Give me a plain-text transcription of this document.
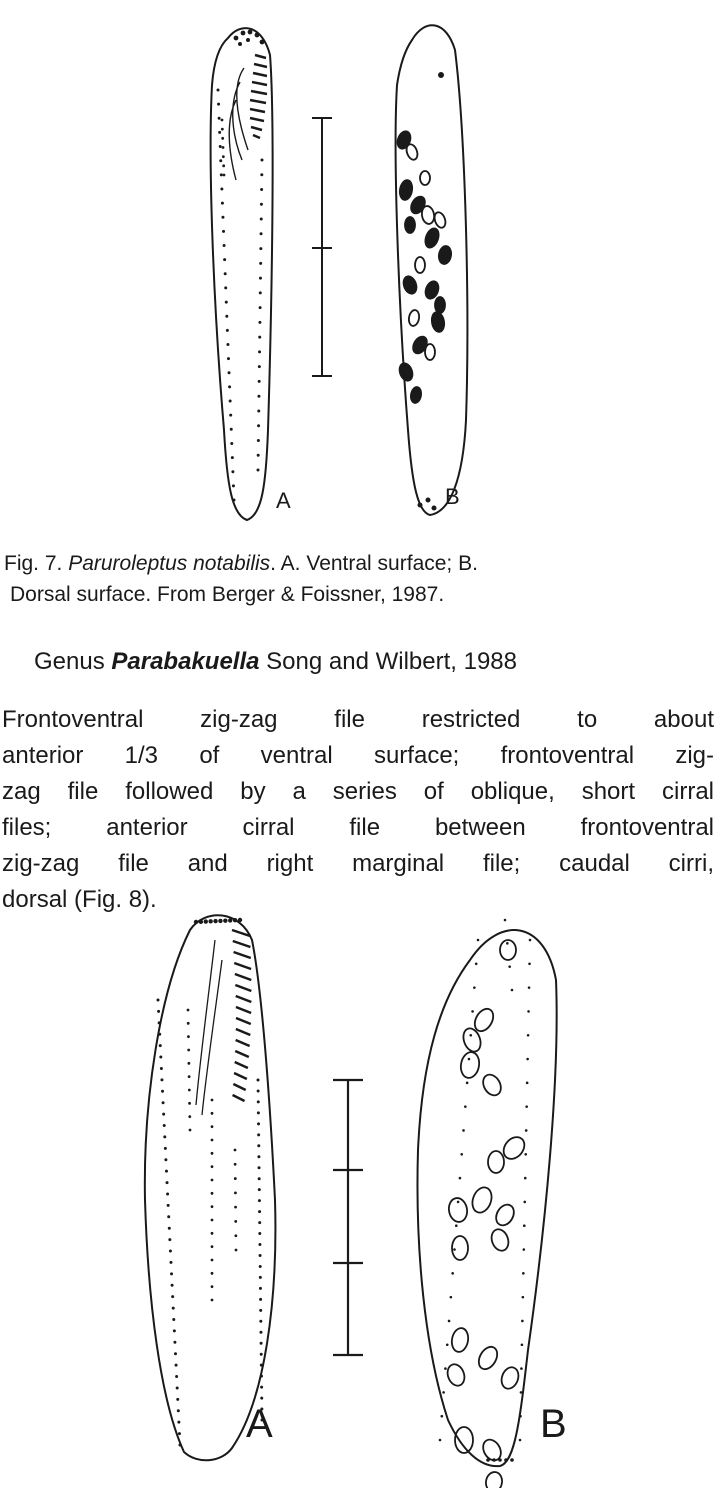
A	B

Fig. 7. Paruroleptus notabilis. A. Ventral surface; B.
Dorsal surface. From Berger & Foissner, 1987.

Genus Parabakuella Song and Wilbert, 1988

Frontoventral zig-zag file restricted to about
anterior 1/3 of ventral surface; frontoventral zig-
zag file followed by a series of oblique, short cirral
files; anterior cirral file between frontoventral
zig-zag file and right marginal file; caudal cirri,
dorsal (Fig. 8).

A	B
